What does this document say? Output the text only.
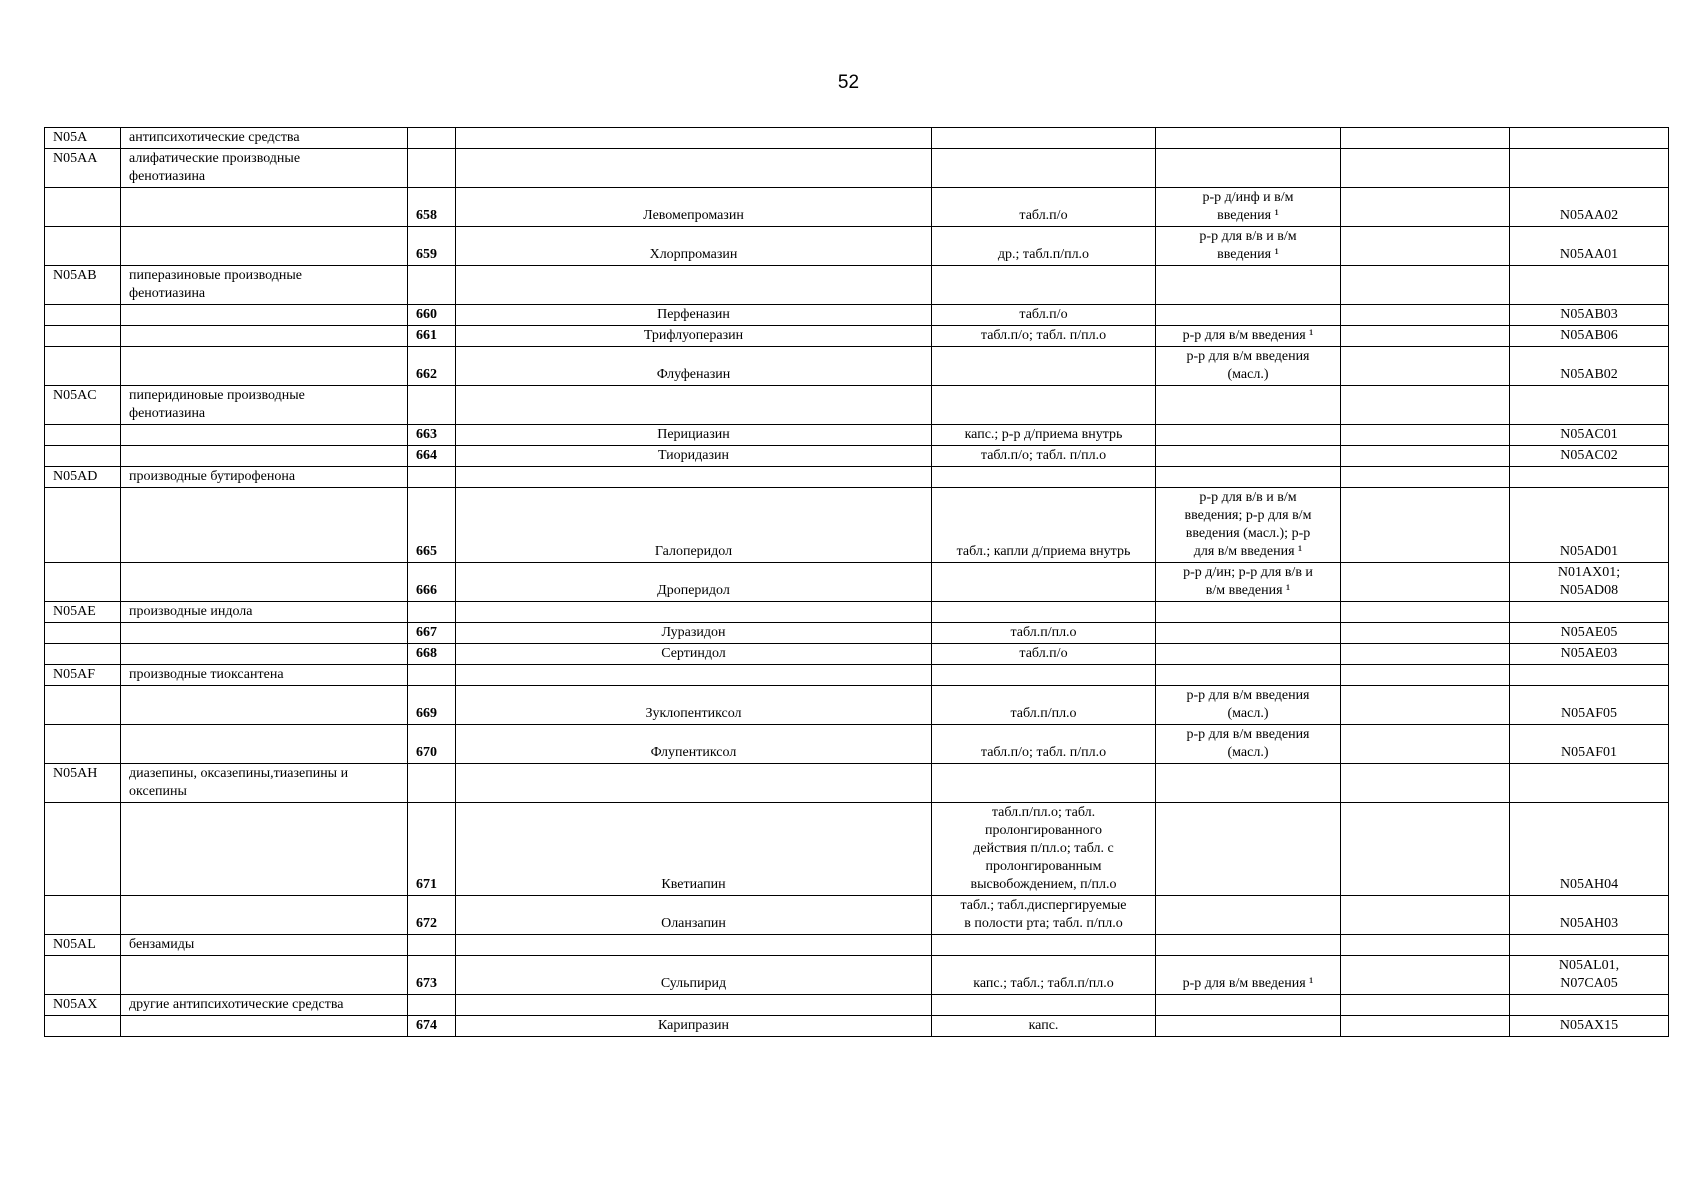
52
N05A	антипсихотические средства						
N05AA	алифатические производные
фенотиазина						
		658	Левомепромазин	табл.п/о	р-р д/инф и в/м
введения ¹		N05AA02
		659	Хлорпромазин	др.; табл.п/пл.о	р-р для в/в и в/м
введения ¹		N05AA01
N05AB	пиперазиновые производные
фенотиазина						
		660	Перфеназин	табл.п/о			N05AB03
		661	Трифлуоперазин	табл.п/о; табл. п/пл.о	р-р для в/м введения ¹		N05AB06
		662	Флуфеназин		р-р для в/м введения
(масл.)		N05AB02
N05AC	пиперидиновые производные
фенотиазина						
		663	Перициазин	капс.; р-р д/приема внутрь			N05AC01
		664	Тиоридазин	табл.п/о; табл. п/пл.о			N05AC02
N05AD	производные бутирофенона						
		665	Галоперидол	табл.; капли д/приема внутрь	р-р для в/в и в/м
введения; р-р для в/м
введения (масл.); р-р
для в/м введения ¹		N05AD01
		666	Дроперидол		р-р д/ин; р-р для в/в и
в/м введения ¹		N01AX01;
N05AD08
N05AE	производные индола						
		667	Луразидон	табл.п/пл.о			N05AE05
		668	Сертиндол	табл.п/о			N05AE03
N05AF	производные тиоксантена						
		669	Зуклопентиксол	табл.п/пл.о	р-р для в/м введения
(масл.)		N05AF05
		670	Флупентиксол	табл.п/о; табл. п/пл.о	р-р для в/м введения
(масл.)		N05AF01
N05AH	диазепины, оксазепины,тиазепины и
оксепины						
		671	Кветиапин	табл.п/пл.о; табл.
пролонгированного
действия п/пл.о; табл. с
пролонгированным
высвобождением, п/пл.о			N05AH04
		672	Оланзапин	табл.; табл.диспергируемые
в полости рта; табл. п/пл.о			N05AH03
N05AL	бензамиды						
		673	Сульпирид	капс.; табл.; табл.п/пл.о	р-р для в/м введения ¹		N05AL01,
N07CA05
N05AX	другие антипсихотические средства						
		674	Карипразин	капс.			N05AX15
